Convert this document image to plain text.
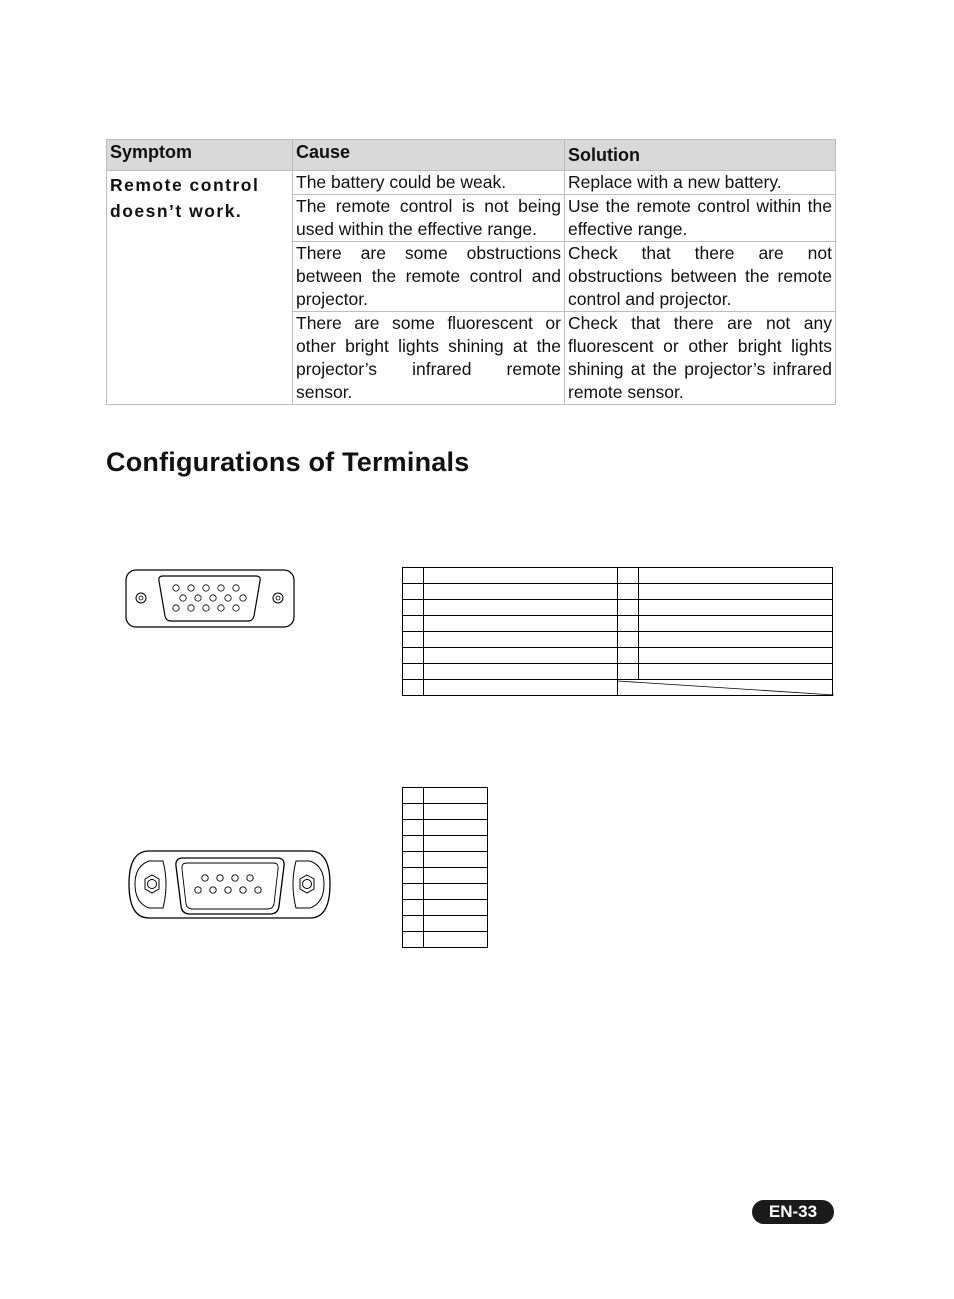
Symptom	Cause	Solution
Remote control doesn’t work.	The battery could be weak.	Replace with a new battery.
	The remote control is not being used within the effective range.	Use the remote control within the effective range.
	There are some obstructions between the remote control and projector.	Check that there are not obstructions between the remote control and projector.
	There are some fluorescent or other bright lights shining at the projector’s infrared remote sensor.	Check that there are not any fluorescent or other bright lights shining at the projector’s infrared remote sensor.
Configurations of Terminals

EN-33
